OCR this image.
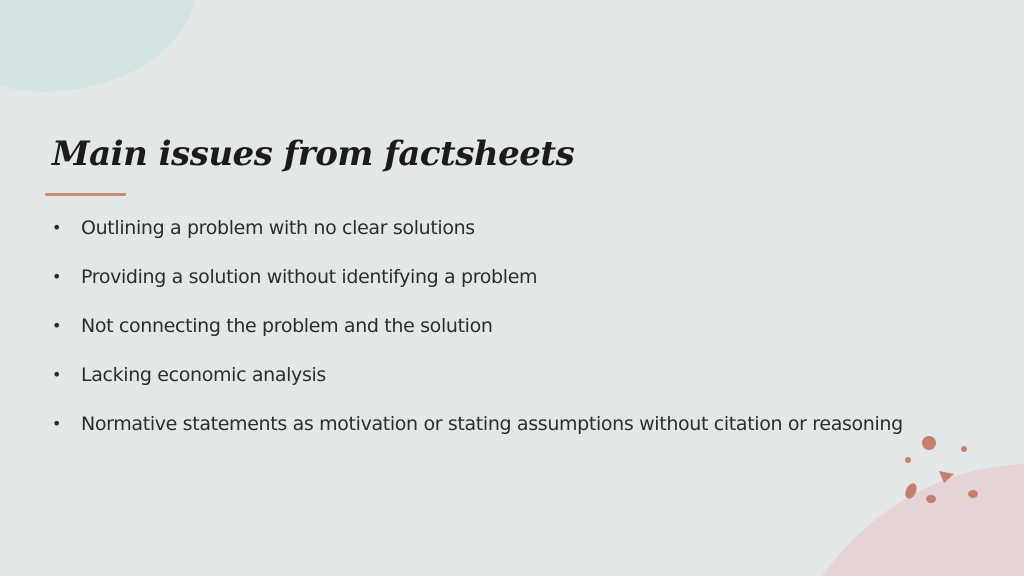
Main issues from factsheets
• Outlining a problem with no clear solutions
• Providing a solution without identifying a problem
• Not connecting the problem and the solution
• Lacking economic analysis
• Normative statements as motivation or stating assumptions without citation or reasoning
